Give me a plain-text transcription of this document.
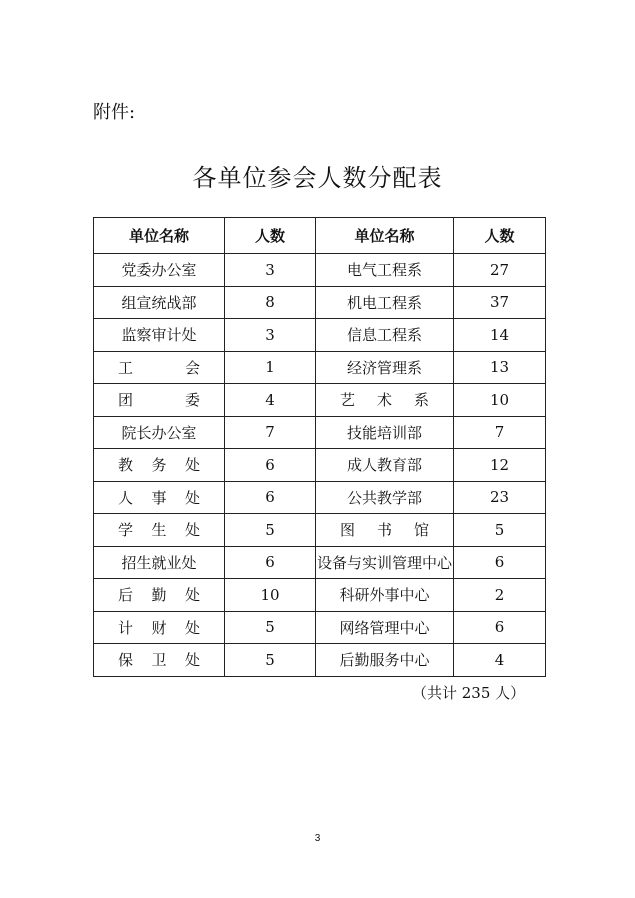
附件:
各单位参会人数分配表
单位名称	人数	单位名称	人数
党委办公室	3	电气工程系	27
组宣统战部	8	机电工程系	37
监察审计处	3	信息工程系	14

工 会	1	经济管理系	13

团 委	4	艺 术 系	10
院长办公室	7	技能培训部	7

教 务 处	6	成人教育部	12

人 事 处	6	公共教学部	23

学 生 处	5	图 书 馆	5
招生就业处	6	设备与实训管理中心	6

后 勤 处	10	科研外事中心	2

计 财 处	5	网络管理中心	6

保 卫 处	5	后勤服务中心	4
（共计 235 人）
3
